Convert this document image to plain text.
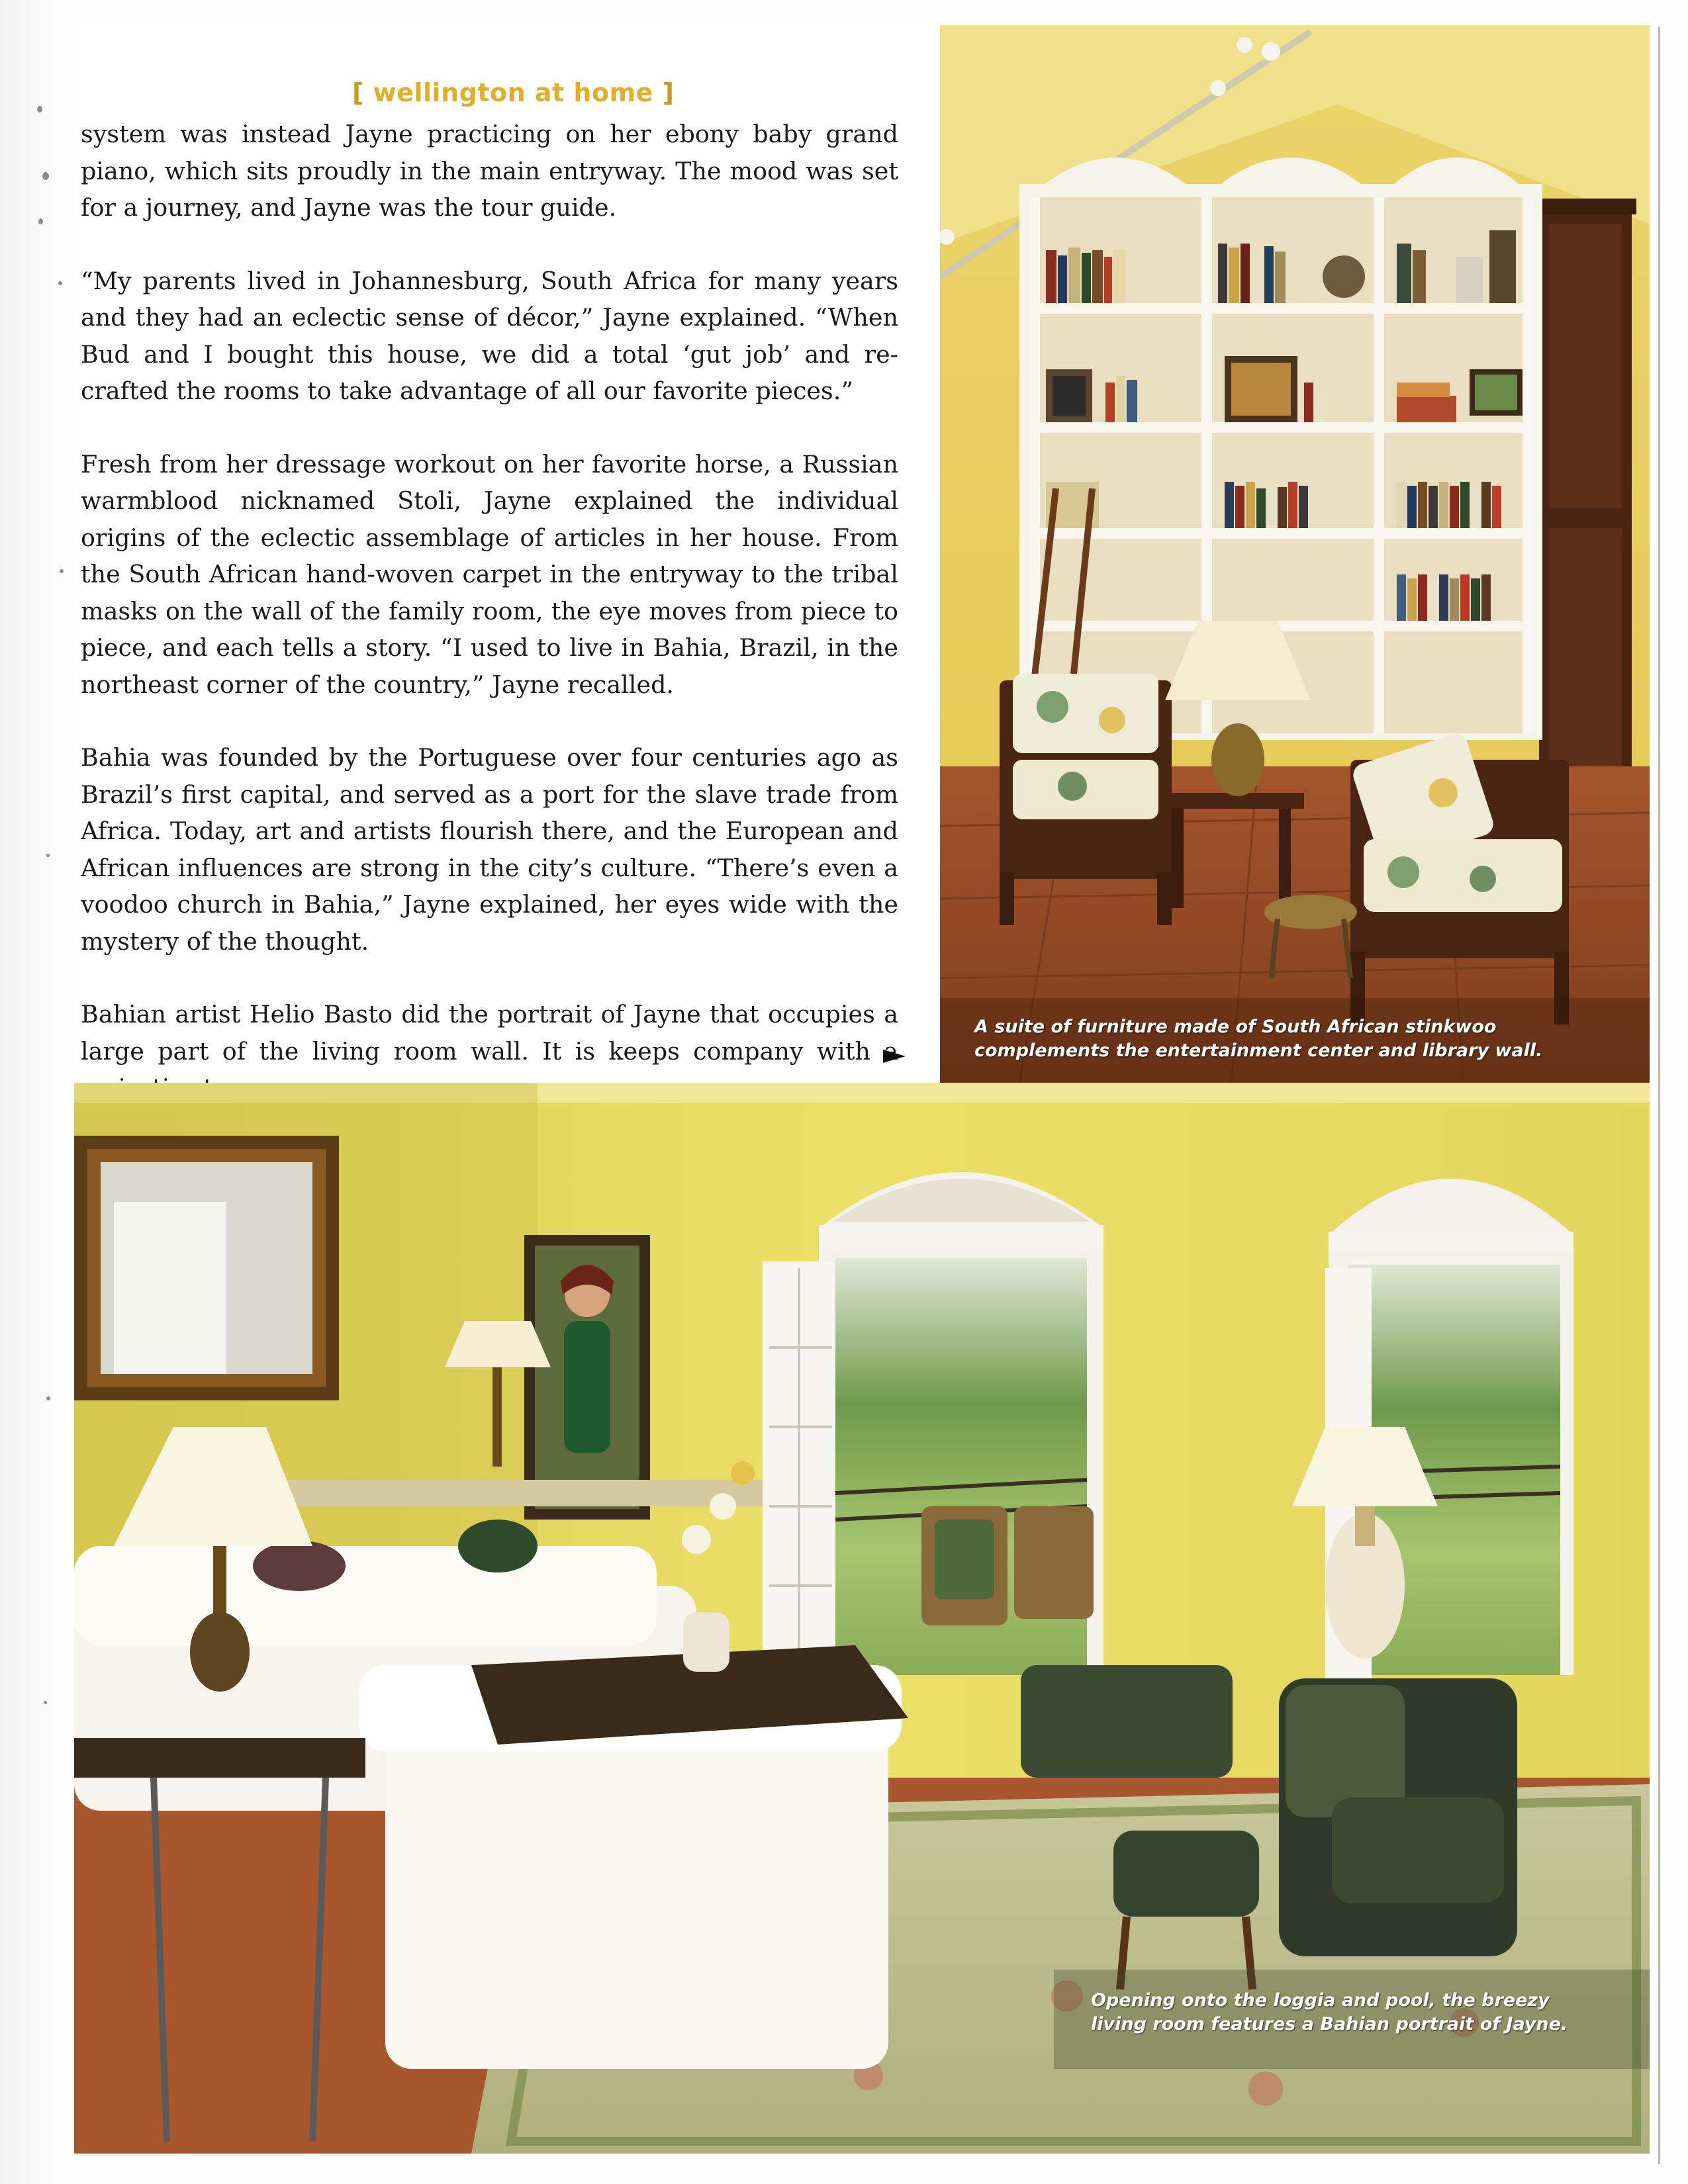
[ wellington at home ]

system was instead Jayne practicing on her ebony baby grand piano, which sits proudly in the main entryway. The mood was set for a journey, and Jayne was the tour guide.

“My parents lived in Johannesburg, South Africa for many years and they had an eclectic sense of décor,” Jayne explained. “When Bud and I bought this house, we did a total ‘gut job’ and re-crafted the rooms to take advantage of all our favorite pieces.”

Fresh from her dressage workout on her favorite horse, a Russian warmblood nicknamed Stoli, Jayne explained the individual origins of the eclectic assemblage of articles in her house. From the South African hand-woven carpet in the entryway to the tribal masks on the wall of the family room, the eye moves from piece to piece, and each tells a story. “I used to live in Bahia, Brazil, in the northeast corner of the country,” Jayne recalled.

Bahia was founded by the Portuguese over four centuries ago as Brazil’s first capital, and served as a port for the slave trade from Africa. Today, art and artists flourish there, and the European and African influences are strong in the city’s culture. “There’s even a voodoo church in Bahia,” Jayne explained, her eyes wide with the mystery of the thought.

Bahian artist Helio Basto did the portrait of Jayne that occupies a large part of the living room wall. It is keeps company with a

A suite of furniture made of South African stinkwoo
complements the entertainment center and library wall.
Opening onto the loggia and pool, the breezy
living room features a Bahian portrait of Jayne.
